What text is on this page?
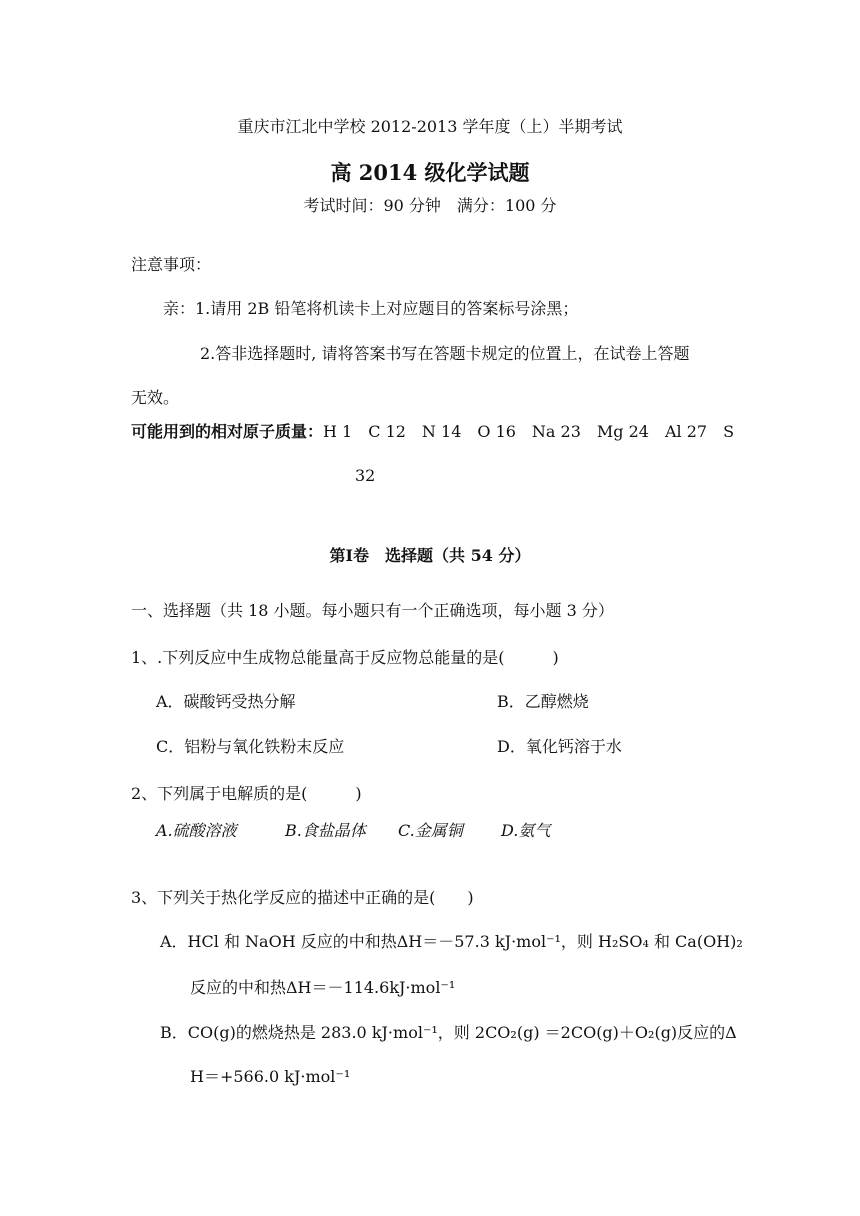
重庆市江北中学校 2012-2013 学年度（上）半期考试
高 2014 级化学试题
考试时间：90 分钟　满分：100 分
注意事项：
亲：1.请用 2B 铅笔将机读卡上对应题目的答案标号涂黑；
2.答非选择题时, 请将答案书写在答题卡规定的位置上，在试卷上答题
无效。
可能用到的相对原子质量：H 1　C 12　N 14　O 16　Na 23　Mg 24　Al 27　S
32
第Ⅰ卷　选择题（共 54 分）
一、选择题（共 18 小题。每小题只有一个正确选项，每小题 3 分）
1、.下列反应中生成物总能量高于反应物总能量的是(　　　)
A．碳酸钙受热分解	B．乙醇燃烧
C．铝粉与氧化铁粉末反应	D．氧化钙溶于水
2、下列属于电解质的是(　　　)
A.硫酸溶液	B.食盐晶体 C.金属铜 D.氨气
3、下列关于热化学反应的描述中正确的是(　　)
A．HCl 和 NaOH 反应的中和热ΔH＝－57.3 kJ·mol⁻¹，则 H₂SO₄ 和 Ca(OH)₂
反应的中和热ΔH＝－114.6kJ·mol⁻¹
B．CO(g)的燃烧热是 283.0 kJ·mol⁻¹，则 2CO₂(g) ＝2CO(g)＋O₂(g)反应的Δ
H＝+566.0 kJ·mol⁻¹
